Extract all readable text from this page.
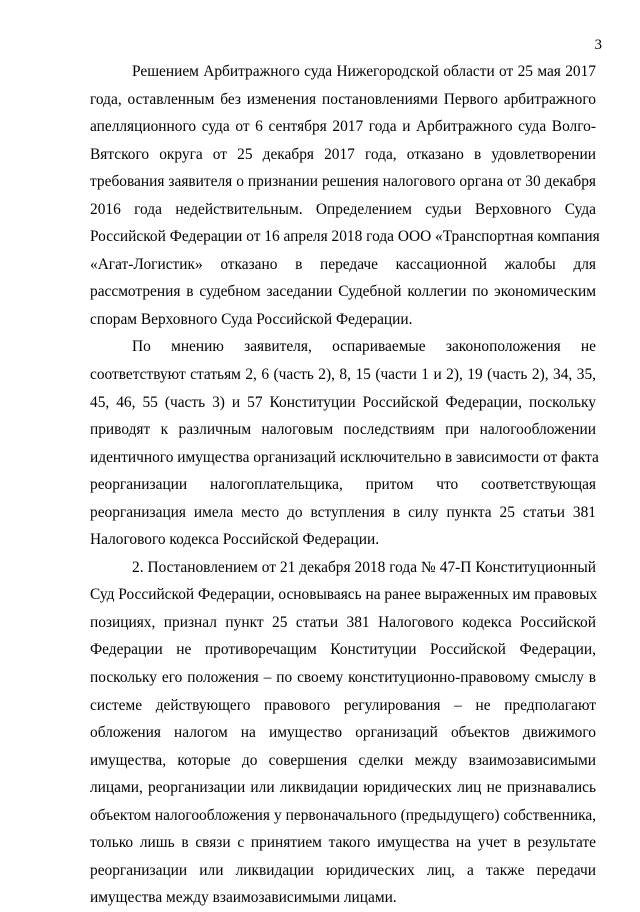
3
Решением Арбитражного суда Нижегородской области от 25 мая 2017
года, оставленным без изменения постановлениями Первого арбитражного
апелляционного суда от 6 сентября 2017 года и Арбитражного суда Волго-
Вятского округа от 25 декабря 2017 года, отказано в удовлетворении
требования заявителя о признании решения налогового органа от 30 декабря
2016 года недействительным. Определением судьи Верховного Суда
Российской Федерации от 16 апреля 2018 года ООО «Транспортная компания
«Агат-Логистик» отказано в передаче кассационной жалобы для
рассмотрения в судебном заседании Судебной коллегии по экономическим
спорам Верховного Суда Российской Федерации.
По мнению заявителя, оспариваемые законоположения не
соответствуют статьям 2, 6 (часть 2), 8, 15 (части 1 и 2), 19 (часть 2), 34, 35,
45, 46, 55 (часть 3) и 57 Конституции Российской Федерации, поскольку
приводят к различным налоговым последствиям при налогообложении
идентичного имущества организаций исключительно в зависимости от факта
реорганизации налогоплательщика, притом что соответствующая
реорганизация имела место до вступления в силу пункта 25 статьи 381
Налогового кодекса Российской Федерации.
2. Постановлением от 21 декабря 2018 года № 47-П Конституционный
Суд Российской Федерации, основываясь на ранее выраженных им правовых
позициях, признал пункт 25 статьи 381 Налогового кодекса Российской
Федерации не противоречащим Конституции Российской Федерации,
поскольку его положения – по своему конституционно-правовому смыслу в
системе действующего правового регулирования – не предполагают
обложения налогом на имущество организаций объектов движимого
имущества, которые до совершения сделки между взаимозависимыми
лицами, реорганизации или ликвидации юридических лиц не признавались
объектом налогообложения у первоначального (предыдущего) собственника,
только лишь в связи с принятием такого имущества на учет в результате
реорганизации или ликвидации юридических лиц, а также передачи
имущества между взаимозависимыми лицами.
